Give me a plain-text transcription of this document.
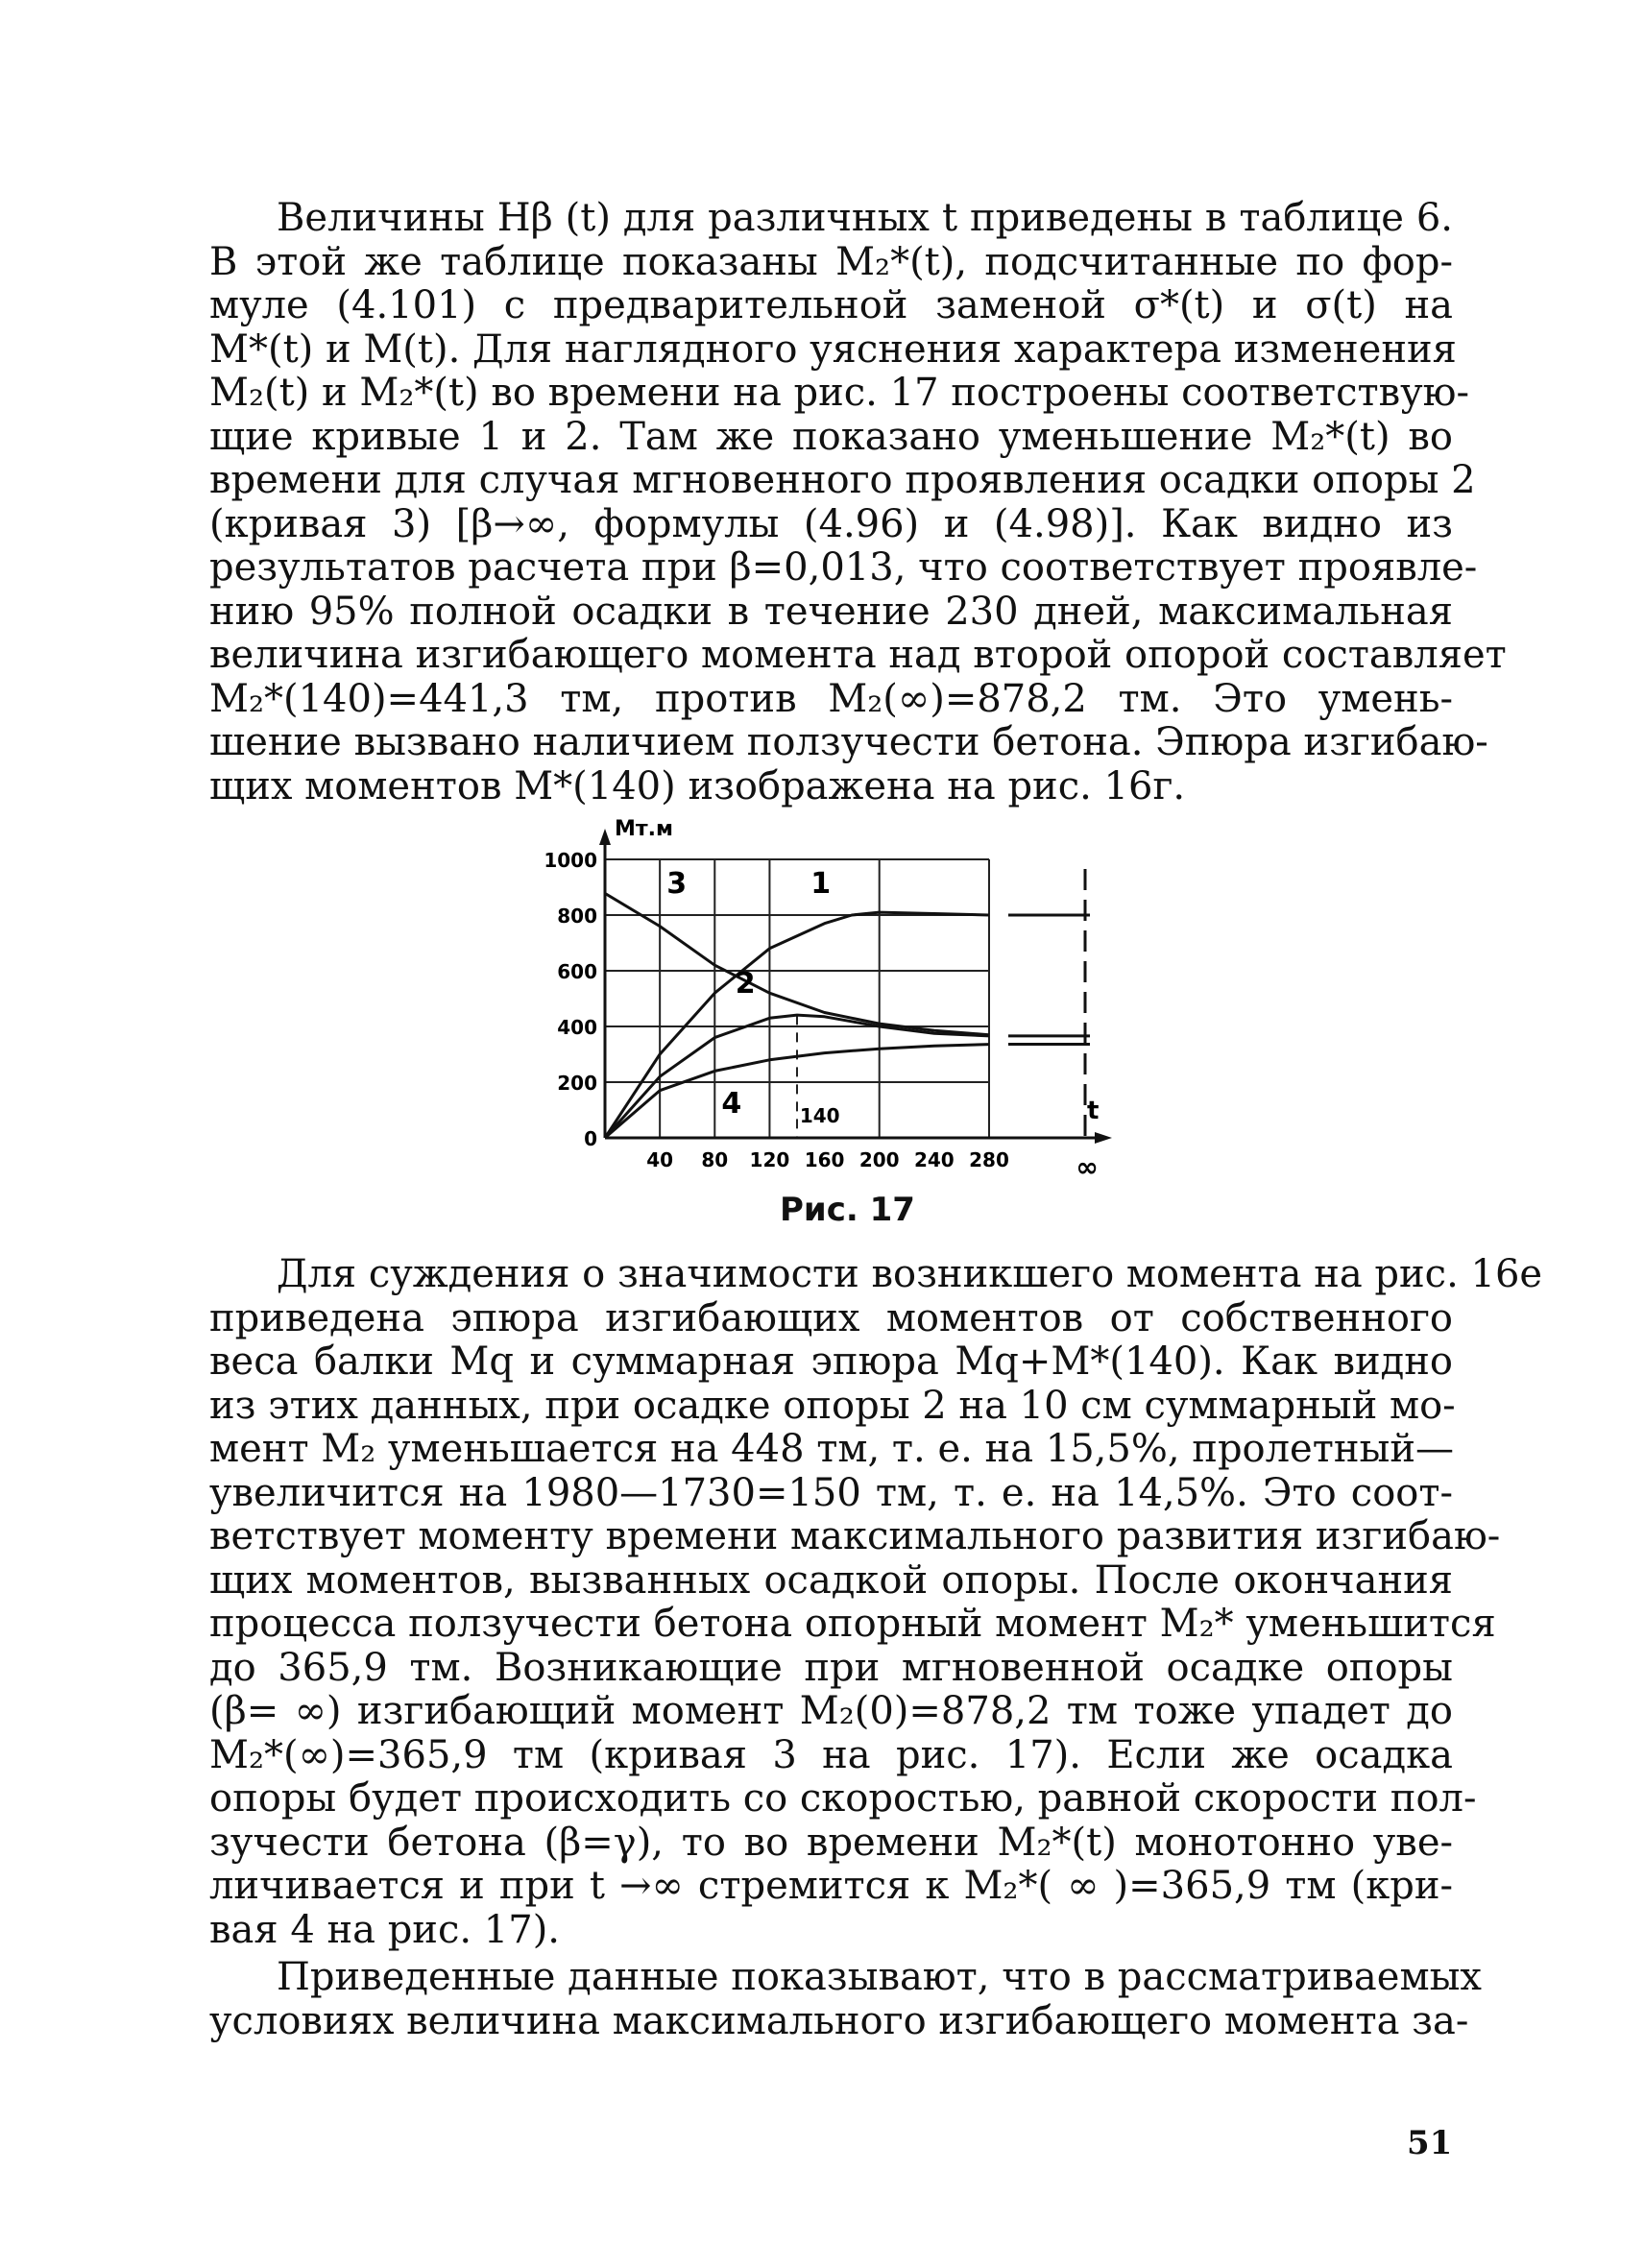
Величины Hβ (t) для различных t приведены в таблице 6.
В этой же таблице показаны M₂*(t), подсчитанные по фор-
муле (4.101) с предварительной заменой σ*(t) и σ(t) на
M*(t) и M(t). Для наглядного уяснения характера изменения
M₂(t) и M₂*(t) во времени на рис. 17 построены соответствую-
щие кривые 1 и 2. Там же показано уменьшение M₂*(t) во
времени для случая мгновенного проявления осадки опоры 2
(кривая 3) [β→∞, формулы (4.96) и (4.98)]. Как видно из
результатов расчета при β=0,013, что соответствует проявле-
нию 95% полной осадки в течение 230 дней, максимальная
величина изгибающего момента над второй опорой составляет
M₂*(140)=441,3 тм, против M₂(∞)=878,2 тм. Это умень-
шение вызвано наличием ползучести бетона. Эпюра изгибаю-
щих моментов M*(140) изображена на рис. 16г.
0
200
400
600
800
1000
40 80 120 160 200 240 280
Мт.м
t
∞
1
2
3
4	140
Рис. 17
Для суждения о значимости возникшего момента на рис. 16е
приведена эпюра изгибающих моментов от собственного
веса балки Mq и суммарная эпюра Mq+M*(140). Как видно
из этих данных, при осадке опоры 2 на 10 см суммарный мо-
мент M₂ уменьшается на 448 тм, т. е. на 15,5%, пролетный—
увеличится на 1980—1730=150 тм, т. е. на 14,5%. Это соот-
ветствует моменту времени максимального развития изгибаю-
щих моментов, вызванных осадкой опоры. После окончания
процесса ползучести бетона опорный момент M₂* уменьшится
до 365,9 тм. Возникающие при мгновенной осадке опоры
(β= ∞) изгибающий момент M₂(0)=878,2 тм тоже упадет до
M₂*(∞)=365,9 тм (кривая 3 на рис. 17). Если же осадка
опоры будет происходить со скоростью, равной скорости пол-
зучести бетона (β=γ), то во времени M₂*(t) монотонно уве-
личивается и при t →∞ стремится к M₂*( ∞ )=365,9 тм (кри-
вая 4 на рис. 17).
Приведенные данные показывают, что в рассматриваемых
условиях величина максимального изгибающего момента за-
51
